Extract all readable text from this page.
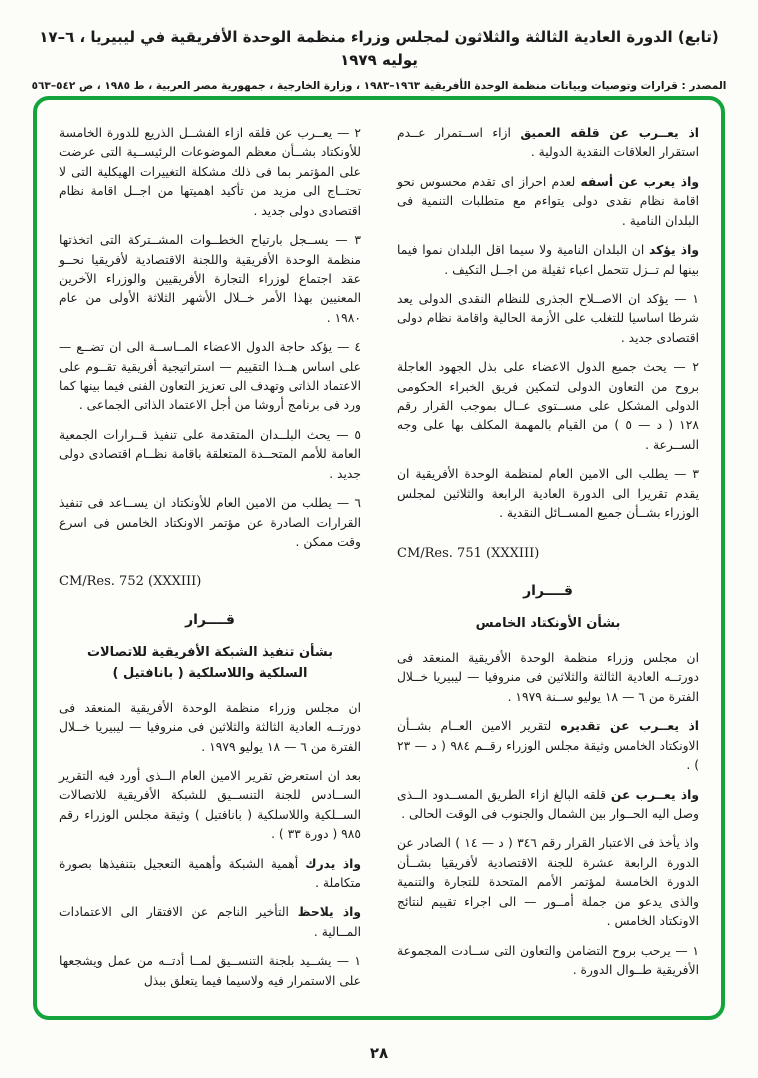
(تابع) الدورة العادية الثالثة والثلاثون لمجلس وزراء منظمة الوحدة الأفريقية في ليبيريا ، ٦–١٧ يوليه ١٩٧٩
المصدر : قرارات وتوصيات وبيانات منظمة الوحدة الأفريقية ١٩٦٣–١٩٨٣ ، وزارة الخارجية ، جمهورية مصر العربية ، ط ١٩٨٥ ، ص ٥٤٢–٥٦٣

اذ يعــرب عن قلقه العميق ازاء اســتمرار عــدم استقرار العلاقات النقدية الدولية .

واذ يعرب عن أسفه لعدم احراز اى تقدم محسوس نحو اقامة نظام نقدى دولى يتواءم مع متطلبات التنمية فى البلدان النامية .

واذ يؤكد ان البلدان النامية ولا سيما اقل البلدان نموا فيما بينها لم تــزل تتحمل اعباء ثقيلة من اجــل التكيف .

١ — يؤكد ان الاصــلاح الجذرى للنظام النقدى الدولى يعد شرطا اساسيا للتغلب على الأزمة الحالية واقامة نظام دولى اقتصادى جديد .

٢ — يحث جميع الدول الاعضاء على بذل الجهود العاجلة بروح من التعاون الدولى لتمكين فريق الخبراء الحكومى الدولى المشكل على مســتوى عــال بموجب القرار رقم ١٢٨ ( د — ٥ ) من القيام بالمهمة المكلف بها على وجه الســرعة .

٣ — يطلب الى الامين العام لمنظمة الوحدة الأفريقية ان يقدم تقريرا الى الدورة العادية الرابعة والثلاثين لمجلس الوزراء بشــأن جميع المســائل النقدية .

CM/Res. 751 (XXXIII)
قــــرار
بشأن الأونكتاد الخامس

ان مجلس وزراء منظمة الوحدة الأفريقية المنعقد فى دورتــه العادية الثالثة والثلاثين فى منروفيا — ليبيريا خــلال الفترة من ٦ — ١٨ يوليو ســنة ١٩٧٩ .

اذ يعــرب عن تقديره لتقرير الامين العــام بشــأن الاونكتاد الخامس وثيقة مجلس الوزراء رقــم ٩٨٤ ( د — ٢٣ ) .

واذ يعــرب عن قلقه البالغ ازاء الطريق المســدود الــذى وصل اليه الحــوار بين الشمال والجنوب فى الوقت الحالى .

واذ يأخذ فى الاعتبار القرار رقم ٣٤٦ ( د — ١٤ ) الصادر عن الدورة الرابعة عشرة للجنة الاقتصادية لأفريقيا بشــأن الدورة الخامسة لمؤتمر الأمم المتحدة للتجارة والتنمية والذى يدعو من جملة أمــور — الى اجراء تقييم لنتائج الاونكتاد الخامس .

١ — يرحب بروح التضامن والتعاون التى ســادت المجموعة الأفريقية طــوال الدورة .

٢ — يعــرب عن قلقه ازاء الفشــل الذريع للدورة الخامسة للأونكتاد بشــأن معظم الموضوعات الرئيســية التى عرضت على المؤتمر بما فى ذلك مشكلة التغييرات الهيكلية التى لا تحتــاج الى مزيد من تأكيد اهميتها من اجــل اقامة نظام اقتصادى دولى جديد .

٣ — يســجل بارتياح الخطــوات المشــتركة التى اتخذتها منظمة الوحدة الأفريقية واللجنة الاقتصادية لأفريقيا نحــو عقد اجتماع لوزراء التجارة الأفريقيين والوزراء الآخرين المعنيين بهذا الأمر خــلال الأشهر الثلاثة الأولى من عام ١٩٨٠ .

٤ — يؤكد حاجة الدول الاعضاء المــاســة الى ان تضــع — على اساس هــذا التقييم — استراتيجية أفريقية تقــوم على الاعتماد الذاتى وتهدف الى تعزيز التعاون الفنى فيما بينها كما ورد فى برنامج أروشا من أجل الاعتماد الذاتى الجماعى .

٥ — يحث البلــدان المتقدمة على تنفيذ قــرارات الجمعية العامة للأمم المتحــدة المتعلقة باقامة نظــام اقتصادى دولى جديد .

٦ — يطلب من الامين العام للأونكتاد ان يســاعد فى تنفيذ القرارات الصادرة عن مؤتمر الاونكتاد الخامس فى اسرع وقت ممكن .

CM/Res. 752 (XXXIII)
قــــرار
بشأن تنفيذ الشبكة الأفريقية للاتصالات
السلكية واللاسلكية ( بانافتيل )

ان مجلس وزراء منظمة الوحدة الأفريقية المنعقد فى دورتــه العادية الثالثة والثلاثين فى منروفيا — ليبيريا خــلال الفترة من ٦ — ١٨ يوليو ١٩٧٩ .

بعد ان استعرض تقرير الامين العام الــذى أورد فيه التقرير الســادس للجنة التنســيق للشبكة الأفريقية للاتصالات الســلكية واللاسلكية ( بانافتيل ) وثيقة مجلس الوزراء رقم ٩٨٥ ( دورة ٣٣ ) .

واذ يدرك أهمية الشبكة وأهمية التعجيل بتنفيذها بصورة متكاملة .

واذ يلاحظ التأخير الناجم عن الافتقار الى الاعتمادات المــالية .

١ — يشــيد بلجنة التنســيق لمــا أدتــه من عمل ويشجعها على الاستمرار فيه ولاسيما فيما يتعلق ببذل

٢٨
